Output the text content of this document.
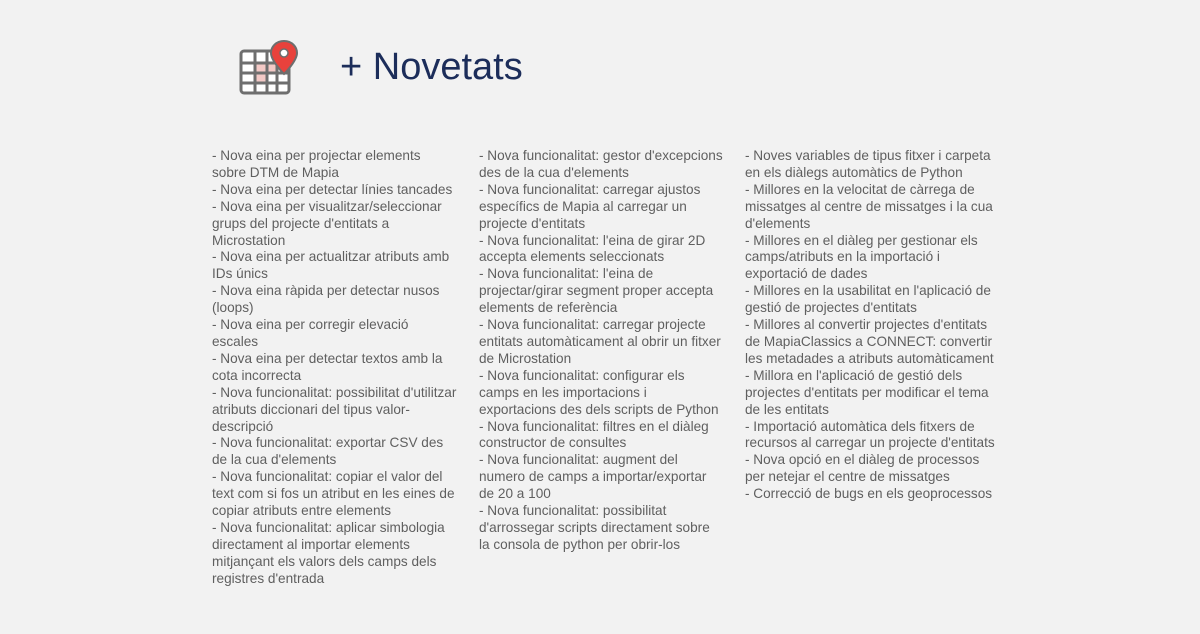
+ Novetats
- Nova eina per projectar elements sobre DTM de Mapia
- Nova eina per detectar línies tancades
- Nova eina per visualitzar/seleccionar grups del projecte d'entitats a Microstation
- Nova eina per actualitzar atributs amb IDs únics
- Nova eina ràpida per detectar nusos (loops)
- Nova eina per corregir elevació escales
- Nova eina per detectar textos amb la cota incorrecta
- Nova funcionalitat: possibilitat d'utilitzar atributs diccionari del tipus valor-descripció
- Nova funcionalitat: exportar CSV des de la cua d'elements
- Nova funcionalitat: copiar el valor del text com si fos un atribut en les eines de copiar atributs entre elements
- Nova funcionalitat: aplicar simbologia directament al importar elements mitjançant els valors dels camps dels registres d'entrada
- Nova funcionalitat: gestor d'excepcions des de la cua d'elements
- Nova funcionalitat: carregar ajustos específics de Mapia al carregar un projecte d'entitats
- Nova funcionalitat: l'eina de girar 2D accepta elements seleccionats
- Nova funcionalitat: l'eina de projectar/girar segment proper accepta elements de referència
- Nova funcionalitat: carregar projecte entitats automàticament al obrir un fitxer de Microstation
- Nova funcionalitat: configurar els camps en les importacions i exportacions des dels scripts de Python
- Nova funcionalitat: filtres en el diàleg constructor de consultes
- Nova funcionalitat: augment del numero de camps a importar/exportar de 20 a 100
- Nova funcionalitat: possibilitat d'arrossegar scripts directament sobre la consola de python per obrir-los
- Noves variables de tipus fitxer i carpeta en els diàlegs automàtics de Python
- Millores en la velocitat de càrrega de missatges al centre de missatges i la cua d'elements
- Millores en el diàleg per gestionar els camps/atributs en la importació i exportació de dades
- Millores en la usabilitat en l'aplicació de gestió de projectes d'entitats
- Millores al convertir projectes d'entitats de MapiaClassics a CONNECT: convertir les metadades a atributs automàticament
- Millora en l'aplicació de gestió dels projectes d'entitats per modificar el tema de les entitats
- Importació automàtica dels fitxers de recursos al carregar un projecte d'entitats
- Nova opció en el diàleg de processos per netejar el centre de missatges
- Correcció de bugs en els geoprocessos
